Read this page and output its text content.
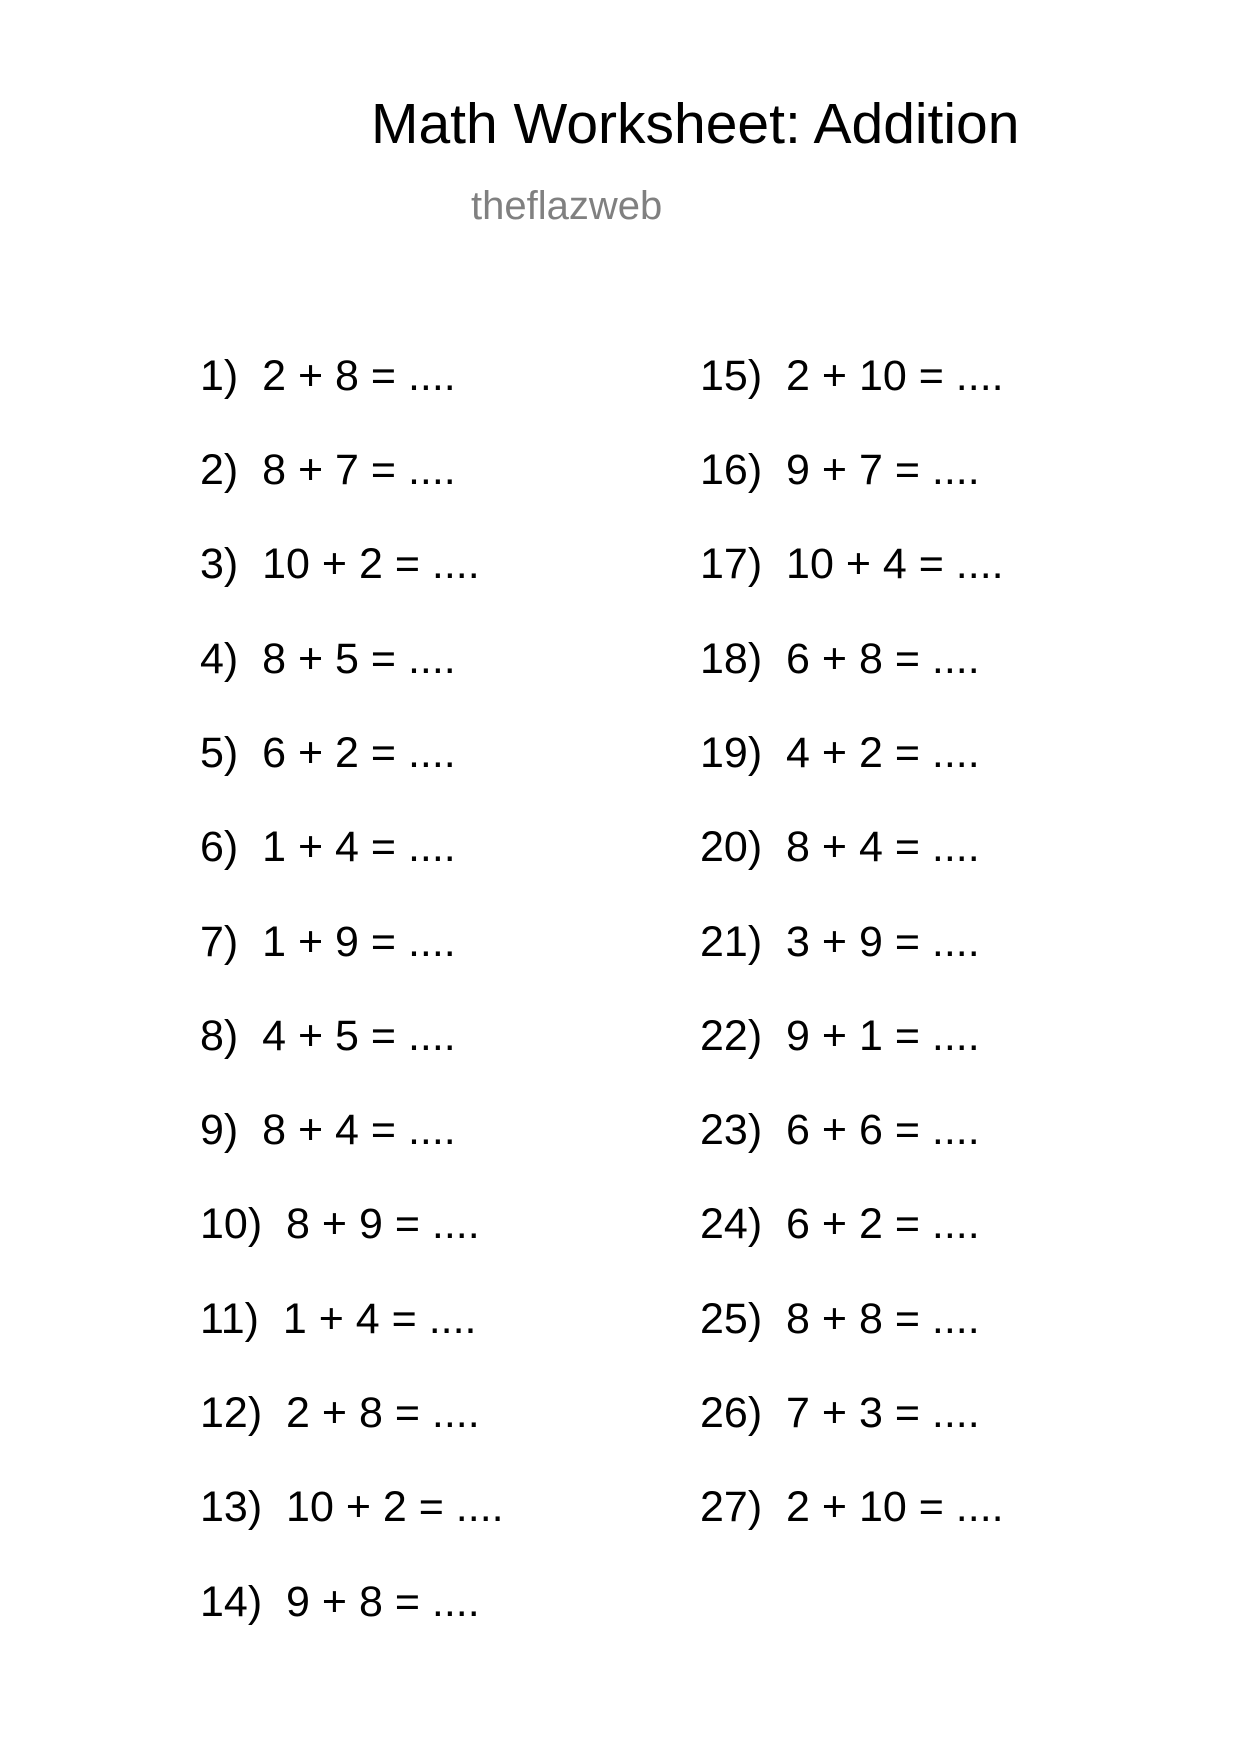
Math Worksheet: Addition
theflazweb
1)  2 + 8 = ....
2)  8 + 7 = ....
3)  10 + 2 = ....
4)  8 + 5 = ....
5)  6 + 2 = ....
6)  1 + 4 = ....
7)  1 + 9 = ....
8)  4 + 5 = ....
9)  8 + 4 = ....
10)  8 + 9 = ....
11)  1 + 4 = ....
12)  2 + 8 = ....
13)  10 + 2 = ....
14)  9 + 8 = ....
15)  2 + 10 = ....
16)  9 + 7 = ....
17)  10 + 4 = ....
18)  6 + 8 = ....
19)  4 + 2 = ....
20)  8 + 4 = ....
21)  3 + 9 = ....
22)  9 + 1 = ....
23)  6 + 6 = ....
24)  6 + 2 = ....
25)  8 + 8 = ....
26)  7 + 3 = ....
27)  2 + 10 = ....
